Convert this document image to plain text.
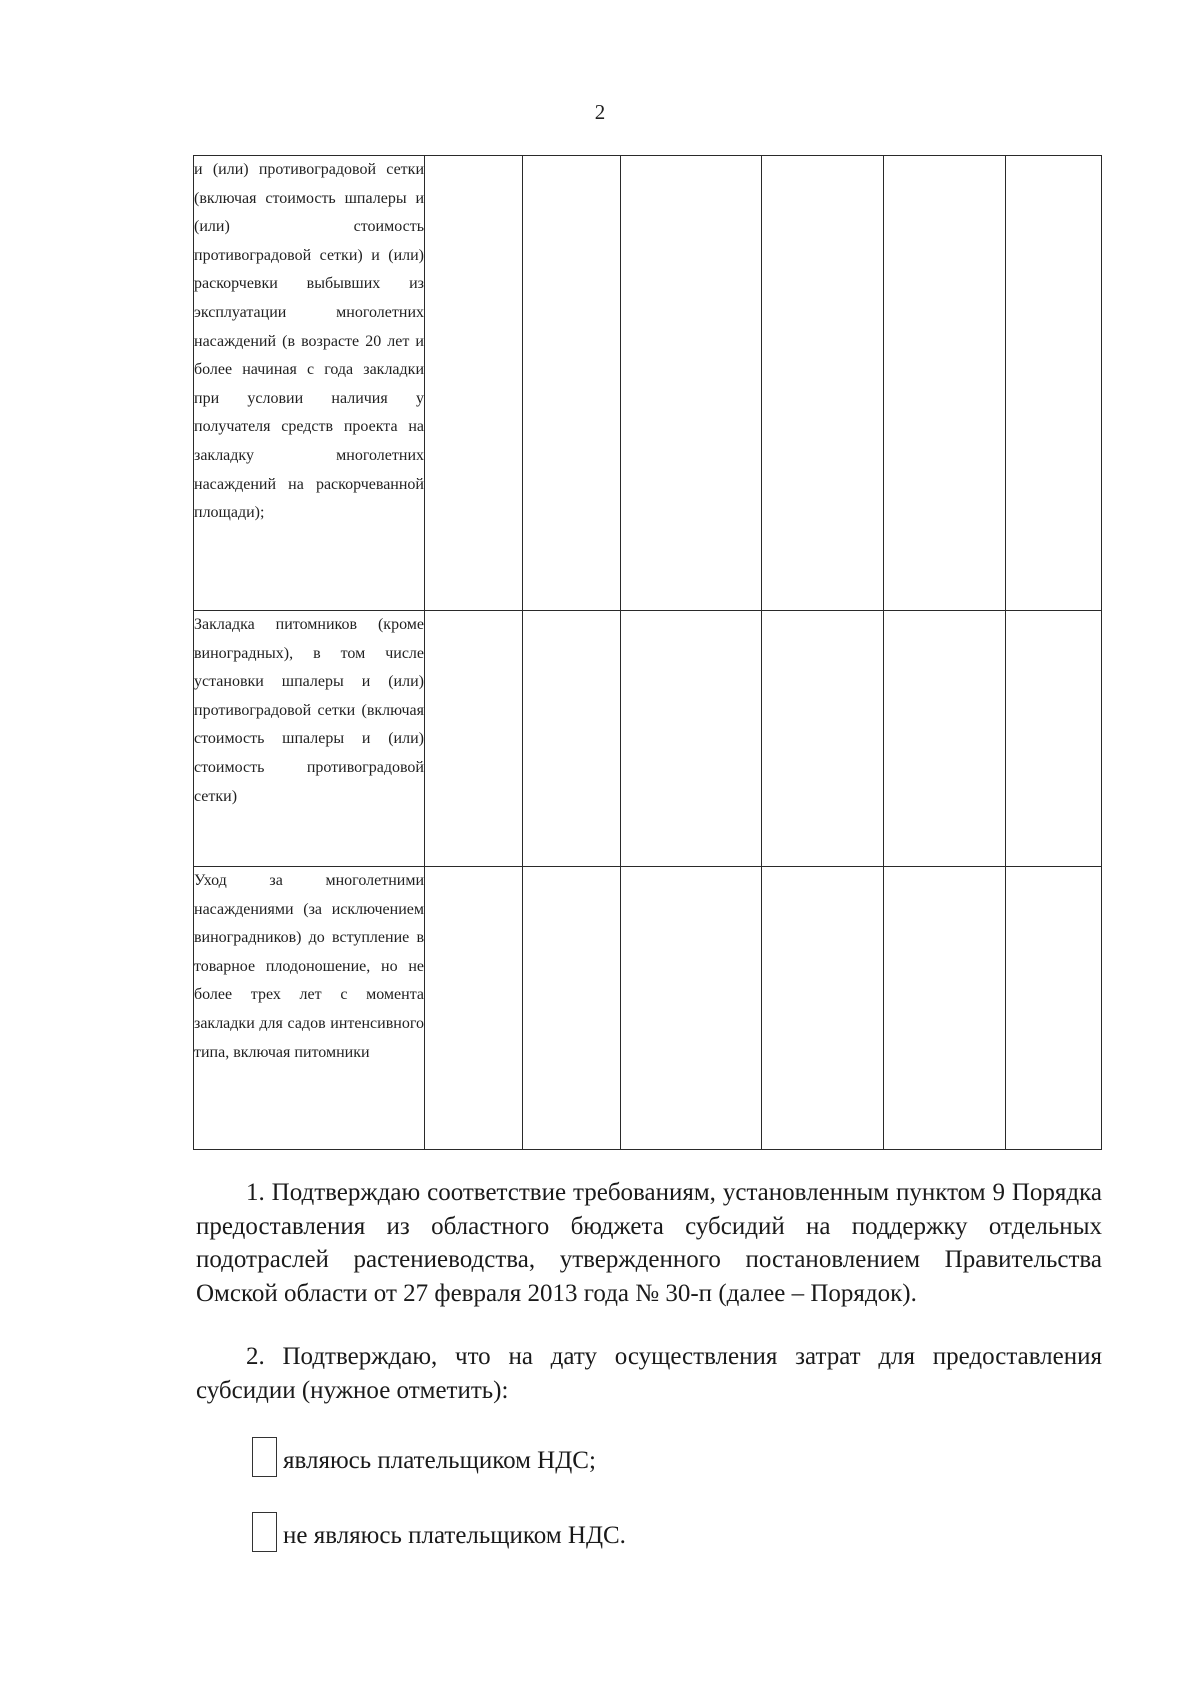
2
и (или) противоградовой сетки (включая стоимость шпалеры и (или) стоимость противоградовой сетки) и (или) раскорчевки выбывших из эксплуатации многолетних насаждений (в возрасте 20 лет и более начиная с года закладки при условии наличия у получателя средств проекта на закладку многолетних насаждений на раскорчеванной площади);						
Закладка питомников (кроме виноградных), в том числе установки шпалеры и (или) противоградовой сетки (включая стоимость шпалеры и (или) стоимость противоградовой сетки)						
Уход за многолетними насаждениями (за исключением виноградников) до вступление в товарное плодоношение, но не более трех лет с момента закладки для садов интенсивного типа, включая питомники						

1. Подтверждаю соответствие требованиям, установленным пунктом 9 Порядка предоставления из областного бюджета субсидий на поддержку отдельных подотраслей растениеводства, утвержденного постановлением Правительства Омской области от 27 февраля 2013 года № 30-п (далее – Порядок).

2. Подтверждаю, что на дату осуществления затрат для предоставления субсидии (нужное отметить):

являюсь плательщиком НДС;
не являюсь плательщиком НДС.
